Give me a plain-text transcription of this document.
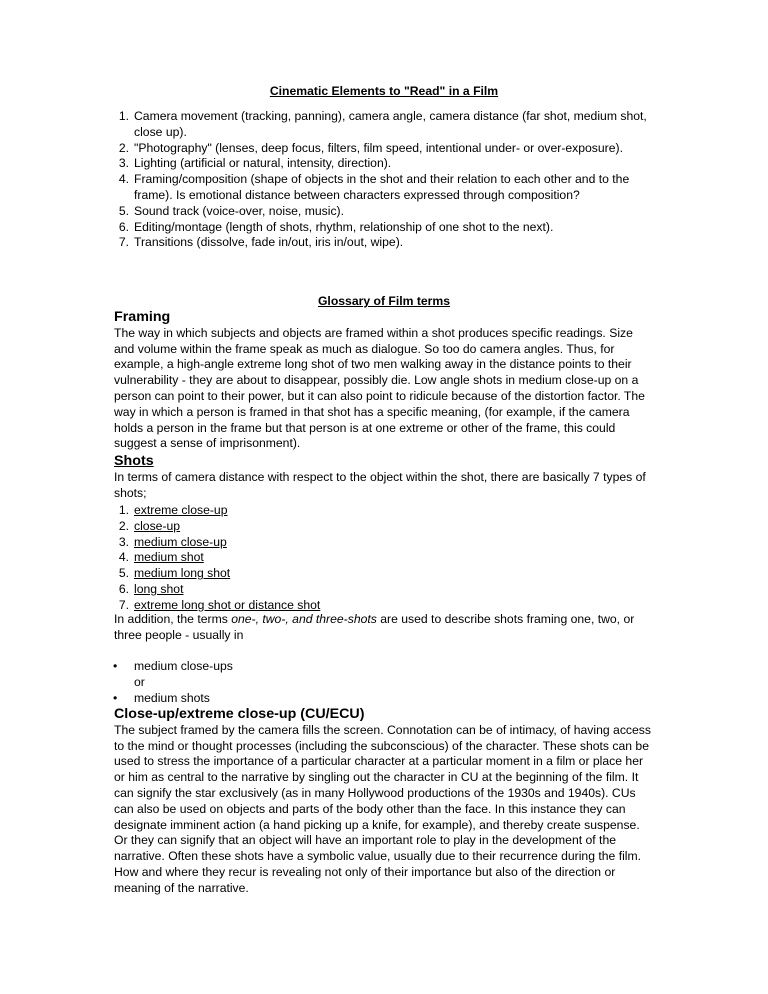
Cinematic Elements to "Read" in a Film
1. Camera movement (tracking, panning), camera angle, camera distance (far shot, medium shot, close up).
2. "Photography" (lenses, deep focus, filters, film speed, intentional under- or over-exposure).
3. Lighting (artificial or natural, intensity, direction).
4. Framing/composition (shape of objects in the shot and their relation to each other and to the frame). Is emotional distance between characters expressed through composition?
5. Sound track (voice-over, noise, music).
6. Editing/montage (length of shots, rhythm, relationship of one shot to the next).
7. Transitions (dissolve, fade in/out, iris in/out, wipe).
Glossary of Film terms
Framing

The way in which subjects and objects are framed within a shot produces specific readings. Size and volume within the frame speak as much as dialogue. So too do camera angles. Thus, for example, a high-angle extreme long shot of two men walking away in the distance points to their vulnerability - they are about to disappear, possibly die. Low angle shots in medium close-up on a person can point to their power, but it can also point to ridicule because of the distortion factor. The way in which a person is framed in that shot has a specific meaning, (for example, if the camera holds a person in the frame but that person is at one extreme or other of the frame, this could suggest a sense of imprisonment).

Shots

In terms of camera distance with respect to the object within the shot, there are basically 7 types of shots;

1. extreme close-up
2. close-up
3. medium close-up
4. medium shot
5. medium long shot
6. long shot
7. extreme long shot or distance shot

In addition, the terms one-, two-, and three-shots are used to describe shots framing one, two, or three people - usually in

• medium close-ups
or
• medium shots
Close-up/extreme close-up (CU/ECU)

The subject framed by the camera fills the screen. Connotation can be of intimacy, of having access to the mind or thought processes (including the subconscious) of the character. These shots can be used to stress the importance of a particular character at a particular moment in a film or place her or him as central to the narrative by singling out the character in CU at the beginning of the film. It can signify the star exclusively (as in many Hollywood productions of the 1930s and 1940s). CUs can also be used on objects and parts of the body other than the face. In this instance they can designate imminent action (a hand picking up a knife, for example), and thereby create suspense. Or they can signify that an object will have an important role to play in the development of the narrative. Often these shots have a symbolic value, usually due to their recurrence during the film. How and where they recur is revealing not only of their importance but also of the direction or meaning of the narrative.
